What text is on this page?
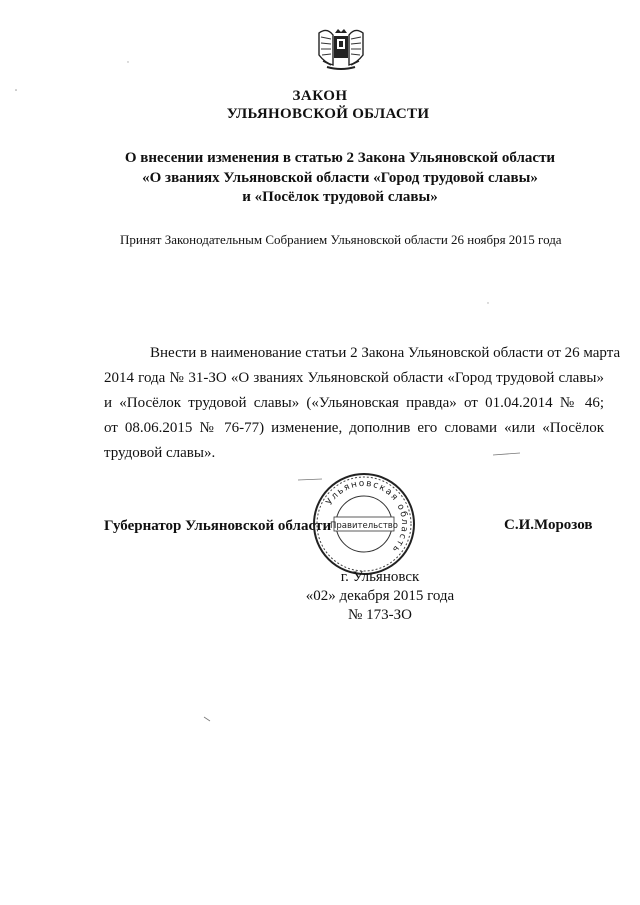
ЗАКОН
УЛЬЯНОВСКОЙ ОБЛАСТИ
О внесении изменения в статью 2 Закона Ульяновской области
«О званиях Ульяновской области «Город трудовой славы»
и «Посёлок трудовой славы»
Принят Законодательным Собранием Ульяновской области 26 ноября 2015 года
Внести в наименование статьи 2 Закона Ульяновской области от 26 марта
2014 года № 31-ЗО «О званиях Ульяновской области «Город трудовой славы»
и «Посёлок трудовой славы» («Ульяновская правда» от 01.04.2014 № 46;
от 08.06.2015 № 76-77) изменение, дополнив его словами «или «Посёлок
трудовой славы».
Губернатор Ульяновской области	С.И.Морозов
Ульяновская область
Правительство
г. Ульяновск
«02» декабря 2015 года
№ 173-ЗО
